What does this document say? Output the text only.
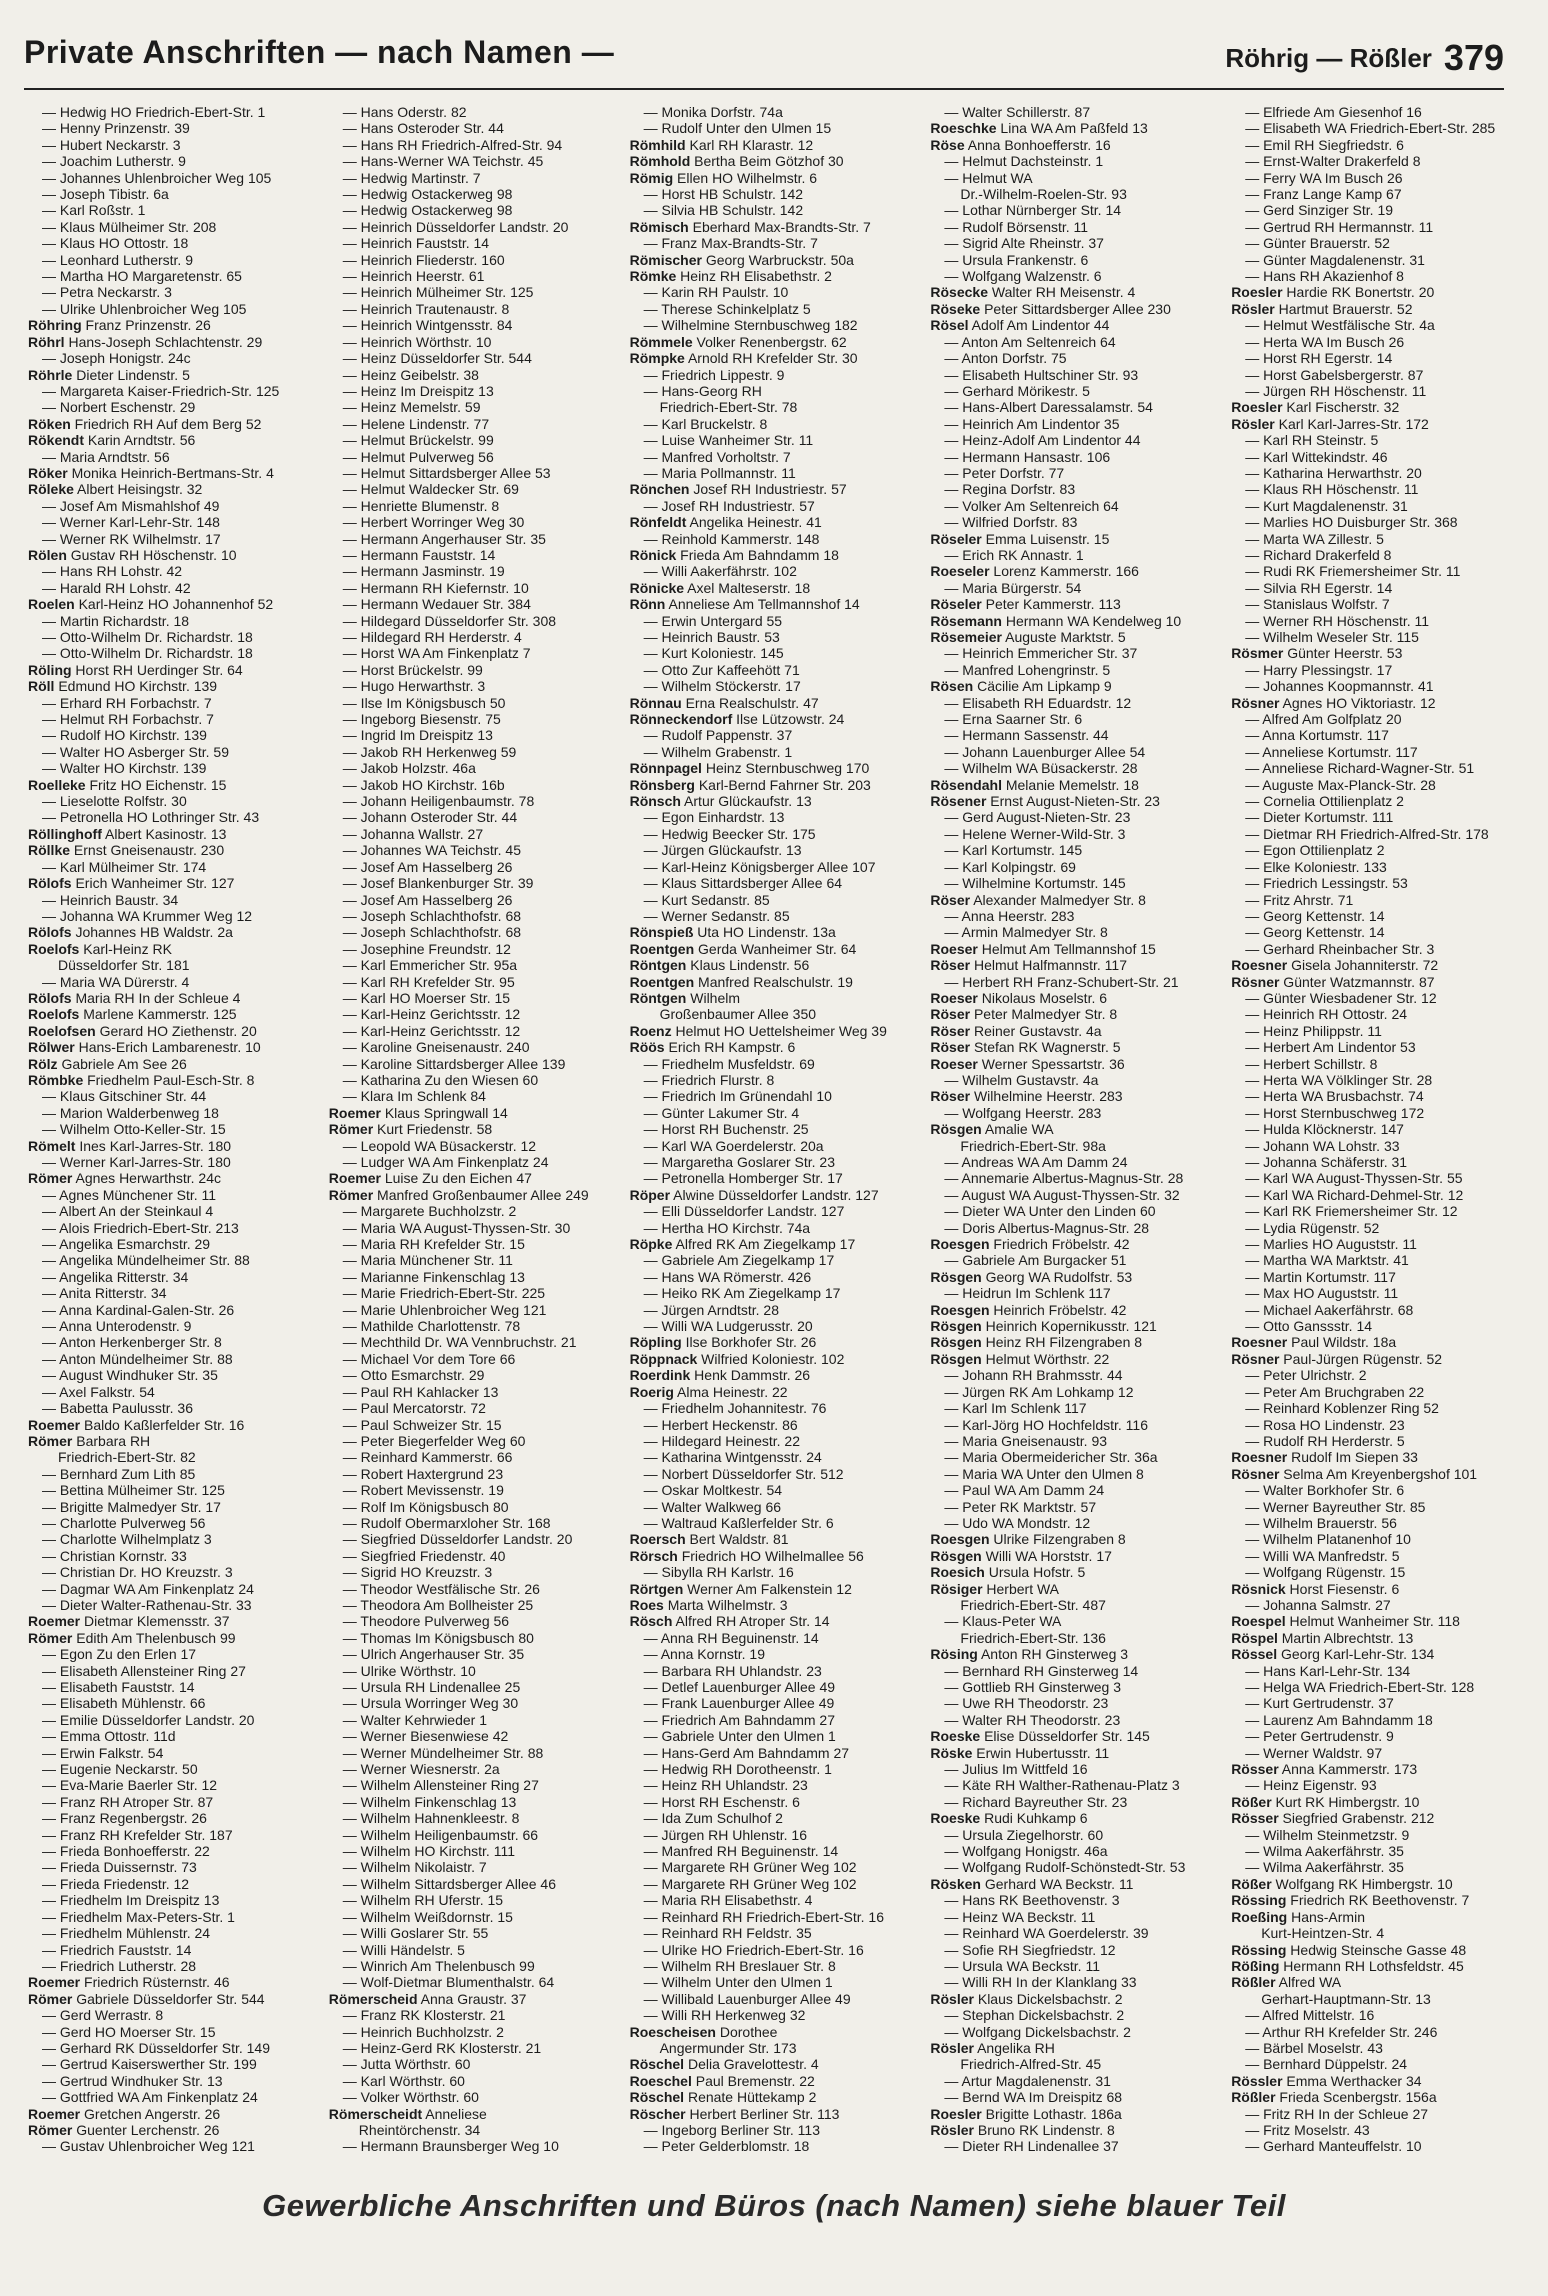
Private Anschriften — nach Namen —	Röhrig — Rößler 379
— Hedwig HO Friedrich-Ebert-Str. 1
— Henny Prinzenstr. 39
— Hubert Neckarstr. 3
— Joachim Lutherstr. 9
— Johannes Uhlenbroicher Weg 105
— Joseph Tibistr. 6a
— Karl Roßstr. 1
— Klaus Mülheimer Str. 208
— Klaus HO Ottostr. 18
— Leonhard Lutherstr. 9
— Martha HO Margaretenstr. 65
— Petra Neckarstr. 3
— Ulrike Uhlenbroicher Weg 105
Röhring Franz Prinzenstr. 26
Röhrl Hans-Joseph Schlachtenstr. 29
— Joseph Honigstr. 24c
Röhrle Dieter Lindenstr. 5
— Margareta Kaiser-Friedrich-Str. 125
— Norbert Eschenstr. 29
Röken Friedrich RH Auf dem Berg 52
Rökendt Karin Arndtstr. 56
— Maria Arndtstr. 56
Röker Monika Heinrich-Bertmans-Str. 4
Röleke Albert Heisingstr. 32
— Josef Am Mismahlshof 49
— Werner Karl-Lehr-Str. 148
— Werner RK Wilhelmstr. 17
Rölen Gustav RH Höschenstr. 10
— Hans RH Lohstr. 42
— Harald RH Lohstr. 42
Roelen Karl-Heinz HO Johannenhof 52
— Martin Richardstr. 18
— Otto-Wilhelm Dr. Richardstr. 18
— Otto-Wilhelm Dr. Richardstr. 18
Röling Horst RH Uerdinger Str. 64
Röll Edmund HO Kirchstr. 139
— Erhard RH Forbachstr. 7
— Helmut RH Forbachstr. 7
— Rudolf HO Kirchstr. 139
— Walter HO Asberger Str. 59
— Walter HO Kirchstr. 139
Roelleke Fritz HO Eichenstr. 15
— Lieselotte Rolfstr. 30
— Petronella HO Lothringer Str. 43
Röllinghoff Albert Kasinostr. 13
Röllke Ernst Gneisenaustr. 230
— Karl Mülheimer Str. 174
Rölofs Erich Wanheimer Str. 127
— Heinrich Baustr. 34
— Johanna WA Krummer Weg 12
Rölofs Johannes HB Waldstr. 2a
Roelofs Karl-Heinz RK
Düsseldorfer Str. 181
— Maria WA Dürerstr. 4
Rölofs Maria RH In der Schleue 4
Roelofs Marlene Kammerstr. 125
Roelofsen Gerard HO Ziethenstr. 20
Rölwer Hans-Erich Lambarenestr. 10
Rölz Gabriele Am See 26
Römbke Friedhelm Paul-Esch-Str. 8
— Klaus Gitschiner Str. 44
— Marion Walderbenweg 18
— Wilhelm Otto-Keller-Str. 15
Römelt Ines Karl-Jarres-Str. 180
— Werner Karl-Jarres-Str. 180
Römer Agnes Herwarthstr. 24c
— Agnes Münchener Str. 11
— Albert An der Steinkaul 4
— Alois Friedrich-Ebert-Str. 213
— Angelika Esmarchstr. 29
— Angelika Mündelheimer Str. 88
— Angelika Ritterstr. 34
— Anita Ritterstr. 34
— Anna Kardinal-Galen-Str. 26
— Anna Unterodenstr. 9
— Anton Herkenberger Str. 8
— Anton Mündelheimer Str. 88
— August Windhuker Str. 35
— Axel Falkstr. 54
— Babetta Paulusstr. 36
Roemer Baldo Kaßlerfelder Str. 16
Römer Barbara RH
Friedrich-Ebert-Str. 82
— Bernhard Zum Lith 85
— Bettina Mülheimer Str. 125
— Brigitte Malmedyer Str. 17
— Charlotte Pulverweg 56
— Charlotte Wilhelmplatz 3
— Christian Kornstr. 33
— Christian Dr. HO Kreuzstr. 3
— Dagmar WA Am Finkenplatz 24
— Dieter Walter-Rathenau-Str. 33
Roemer Dietmar Klemensstr. 37
Römer Edith Am Thelenbusch 99
— Egon Zu den Erlen 17
— Elisabeth Allensteiner Ring 27
— Elisabeth Fauststr. 14
— Elisabeth Mühlenstr. 66
— Emilie Düsseldorfer Landstr. 20
— Emma Ottostr. 11d
— Erwin Falkstr. 54
— Eugenie Neckarstr. 50
— Eva-Marie Baerler Str. 12
— Franz RH Atroper Str. 87
— Franz Regenbergstr. 26
— Franz RH Krefelder Str. 187
— Frieda Bonhoefferstr. 22
— Frieda Duissernstr. 73
— Frieda Friedenstr. 12
— Friedhelm Im Dreispitz 13
— Friedhelm Max-Peters-Str. 1
— Friedhelm Mühlenstr. 24
— Friedrich Fauststr. 14
— Friedrich Lutherstr. 28
Roemer Friedrich Rüsternstr. 46
Römer Gabriele Düsseldorfer Str. 544
— Gerd Werrastr. 8
— Gerd HO Moerser Str. 15
— Gerhard RK Düsseldorfer Str. 149
— Gertrud Kaiserswerther Str. 199
— Gertrud Windhuker Str. 13
— Gottfried WA Am Finkenplatz 24
Roemer Gretchen Angerstr. 26
Römer Guenter Lerchenstr. 26
— Gustav Uhlenbroicher Weg 121
— Hans Oderstr. 82
— Hans Osteroder Str. 44
— Hans RH Friedrich-Alfred-Str. 94
— Hans-Werner WA Teichstr. 45
— Hedwig Martinstr. 7
— Hedwig Ostackerweg 98
— Hedwig Ostackerweg 98
— Heinrich Düsseldorfer Landstr. 20
— Heinrich Fauststr. 14
— Heinrich Fliederstr. 160
— Heinrich Heerstr. 61
— Heinrich Mülheimer Str. 125
— Heinrich Trautenaustr. 8
— Heinrich Wintgensstr. 84
— Heinrich Wörthstr. 10
— Heinz Düsseldorfer Str. 544
— Heinz Geibelstr. 38
— Heinz Im Dreispitz 13
— Heinz Memelstr. 59
— Helene Lindenstr. 77
— Helmut Brückelstr. 99
— Helmut Pulverweg 56
— Helmut Sittardsberger Allee 53
— Helmut Waldecker Str. 69
— Henriette Blumenstr. 8
— Herbert Worringer Weg 30
— Hermann Angerhauser Str. 35
— Hermann Fauststr. 14
— Hermann Jasminstr. 19
— Hermann RH Kiefernstr. 10
— Hermann Wedauer Str. 384
— Hildegard Düsseldorfer Str. 308
— Hildegard RH Herderstr. 4
— Horst WA Am Finkenplatz 7
— Horst Brückelstr. 99
— Hugo Herwarthstr. 3
— Ilse Im Königsbusch 50
— Ingeborg Biesenstr. 75
— Ingrid Im Dreispitz 13
— Jakob RH Herkenweg 59
— Jakob Holzstr. 46a
— Jakob HO Kirchstr. 16b
— Johann Heiligenbaumstr. 78
— Johann Osteroder Str. 44
— Johanna Wallstr. 27
— Johannes WA Teichstr. 45
— Josef Am Hasselberg 26
— Josef Blankenburger Str. 39
— Josef Am Hasselberg 26
— Joseph Schlachthofstr. 68
— Joseph Schlachthofstr. 68
— Josephine Freundstr. 12
— Karl Emmericher Str. 95a
— Karl RH Krefelder Str. 95
— Karl HO Moerser Str. 15
— Karl-Heinz Gerichtsstr. 12
— Karl-Heinz Gerichtsstr. 12
— Karoline Gneisenaustr. 240
— Karoline Sittardsberger Allee 139
— Katharina Zu den Wiesen 60
— Klara Im Schlenk 84
Roemer Klaus Springwall 14
Römer Kurt Friedenstr. 58
— Leopold WA Büsackerstr. 12
— Ludger WA Am Finkenplatz 24
Roemer Luise Zu den Eichen 47
Römer Manfred Großenbaumer Allee 249
— Margarete Buchholzstr. 2
— Maria WA August-Thyssen-Str. 30
— Maria RH Krefelder Str. 15
— Maria Münchener Str. 11
— Marianne Finkenschlag 13
— Marie Friedrich-Ebert-Str. 225
— Marie Uhlenbroicher Weg 121
— Mathilde Charlottenstr. 78
— Mechthild Dr. WA Vennbruchstr. 21
— Michael Vor dem Tore 66
— Otto Esmarchstr. 29
— Paul RH Kahlacker 13
— Paul Mercatorstr. 72
— Paul Schweizer Str. 15
— Peter Biegerfelder Weg 60
— Reinhard Kammerstr. 66
— Robert Haxtergrund 23
— Robert Mevissenstr. 19
— Rolf Im Königsbusch 80
— Rudolf Obermarxloher Str. 168
— Siegfried Düsseldorfer Landstr. 20
— Siegfried Friedenstr. 40
— Sigrid HO Kreuzstr. 3
— Theodor Westfälische Str. 26
— Theodora Am Bollheister 25
— Theodore Pulverweg 56
— Thomas Im Königsbusch 80
— Ulrich Angerhauser Str. 35
— Ulrike Wörthstr. 10
— Ursula RH Lindenallee 25
— Ursula Worringer Weg 30
— Walter Kehrwieder 1
— Werner Biesenwiese 42
— Werner Mündelheimer Str. 88
— Werner Wiesnerstr. 2a
— Wilhelm Allensteiner Ring 27
— Wilhelm Finkenschlag 13
— Wilhelm Hahnenkleestr. 8
— Wilhelm Heiligenbaumstr. 66
— Wilhelm HO Kirchstr. 111
— Wilhelm Nikolaistr. 7
— Wilhelm Sittardsberger Allee 46
— Wilhelm RH Uferstr. 15
— Wilhelm Weißdornstr. 15
— Willi Goslarer Str. 55
— Willi Händelstr. 5
— Winrich Am Thelenbusch 99
— Wolf-Dietmar Blumenthalstr. 64
Römerscheid Anna Graustr. 37
— Franz RK Klosterstr. 21
— Heinrich Buchholzstr. 2
— Heinz-Gerd RK Klosterstr. 21
— Jutta Wörthstr. 60
— Karl Wörthstr. 60
— Volker Wörthstr. 60
Römerscheidt Anneliese
Rheintörchenstr. 34
— Hermann Braunsberger Weg 10
— Monika Dorfstr. 74a
— Rudolf Unter den Ulmen 15
Römhild Karl RH Klarastr. 12
Römhold Bertha Beim Götzhof 30
Römig Ellen HO Wilhelmstr. 6
— Horst HB Schulstr. 142
— Silvia HB Schulstr. 142
Römisch Eberhard Max-Brandts-Str. 7
— Franz Max-Brandts-Str. 7
Römischer Georg Warbruckstr. 50a
Römke Heinz RH Elisabethstr. 2
— Karin RH Paulstr. 10
— Therese Schinkelplatz 5
— Wilhelmine Sternbuschweg 182
Römmele Volker Renenbergstr. 62
Römpke Arnold RH Krefelder Str. 30
— Friedrich Lippestr. 9
— Hans-Georg RH
Friedrich-Ebert-Str. 78
— Karl Bruckelstr. 8
— Luise Wanheimer Str. 11
— Manfred Vorholtstr. 7
— Maria Pollmannstr. 11
Rönchen Josef RH Industriestr. 57
— Josef RH Industriestr. 57
Rönfeldt Angelika Heinestr. 41
— Reinhold Kammerstr. 148
Rönick Frieda Am Bahndamm 18
— Willi Aakerfährstr. 102
Rönicke Axel Malteserstr. 18
Rönn Anneliese Am Tellmannshof 14
— Erwin Untergard 55
— Heinrich Baustr. 53
— Kurt Koloniestr. 145
— Otto Zur Kaffeehött 71
— Wilhelm Stöckerstr. 17
Rönnau Erna Realschulstr. 47
Rönneckendorf Ilse Lützowstr. 24
— Rudolf Pappenstr. 37
— Wilhelm Grabenstr. 1
Rönnpagel Heinz Sternbuschweg 170
Rönsberg Karl-Bernd Fahrner Str. 203
Rönsch Artur Glückaufstr. 13
— Egon Einhardstr. 13
— Hedwig Beecker Str. 175
— Jürgen Glückaufstr. 13
— Karl-Heinz Königsberger Allee 107
— Klaus Sittardsberger Allee 64
— Kurt Sedanstr. 85
— Werner Sedanstr. 85
Rönspieß Uta HO Lindenstr. 13a
Roentgen Gerda Wanheimer Str. 64
Röntgen Klaus Lindenstr. 56
Roentgen Manfred Realschulstr. 19
Röntgen Wilhelm
Großenbaumer Allee 350
Roenz Helmut HO Uettelsheimer Weg 39
Röös Erich RH Kampstr. 6
— Friedhelm Musfeldstr. 69
— Friedrich Flurstr. 8
— Friedrich Im Grünendahl 10
— Günter Lakumer Str. 4
— Horst RH Buchenstr. 25
— Karl WA Goerdelerstr. 20a
— Margaretha Goslarer Str. 23
— Petronella Homberger Str. 17
Röper Alwine Düsseldorfer Landstr. 127
— Elli Düsseldorfer Landstr. 127
— Hertha HO Kirchstr. 74a
Röpke Alfred RK Am Ziegelkamp 17
— Gabriele Am Ziegelkamp 17
— Hans WA Römerstr. 426
— Heiko RK Am Ziegelkamp 17
— Jürgen Arndtstr. 28
— Willi WA Ludgerusstr. 20
Röpling Ilse Borkhofer Str. 26
Röppnack Wilfried Koloniestr. 102
Roerdink Henk Dammstr. 26
Roerig Alma Heinestr. 22
— Friedhelm Johannitestr. 76
— Herbert Heckenstr. 86
— Hildegard Heinestr. 22
— Katharina Wintgensstr. 24
— Norbert Düsseldorfer Str. 512
— Oskar Moltkestr. 54
— Walter Walkweg 66
— Waltraud Kaßlerfelder Str. 6
Roersch Bert Waldstr. 81
Rörsch Friedrich HO Wilhelmallee 56
— Sibylla RH Karlstr. 16
Rörtgen Werner Am Falkenstein 12
Roes Marta Wilhelmstr. 3
Rösch Alfred RH Atroper Str. 14
— Anna RH Beguinenstr. 14
— Anna Kornstr. 19
— Barbara RH Uhlandstr. 23
— Detlef Lauenburger Allee 49
— Frank Lauenburger Allee 49
— Friedrich Am Bahndamm 27
— Gabriele Unter den Ulmen 1
— Hans-Gerd Am Bahndamm 27
— Hedwig RH Dorotheenstr. 1
— Heinz RH Uhlandstr. 23
— Horst RH Eschenstr. 6
— Ida Zum Schulhof 2
— Jürgen RH Uhlenstr. 16
— Manfred RH Beguinenstr. 14
— Margarete RH Grüner Weg 102
— Margarete RH Grüner Weg 102
— Maria RH Elisabethstr. 4
— Reinhard RH Friedrich-Ebert-Str. 16
— Reinhard RH Feldstr. 35
— Ulrike HO Friedrich-Ebert-Str. 16
— Wilhelm RH Breslauer Str. 8
— Wilhelm Unter den Ulmen 1
— Willibald Lauenburger Allee 49
— Willi RH Herkenweg 32
Roescheisen Dorothee
Angermunder Str. 173
Röschel Delia Gravelottestr. 4
Roeschel Paul Bremenstr. 22
Röschel Renate Hüttekamp 2
Röscher Herbert Berliner Str. 113
— Ingeborg Berliner Str. 113
— Peter Gelderblomstr. 18
— Walter Schillerstr. 87
Roeschke Lina WA Am Paßfeld 13
Röse Anna Bonhoefferstr. 16
— Helmut Dachsteinstr. 1
— Helmut WA
Dr.-Wilhelm-Roelen-Str. 93
— Lothar Nürnberger Str. 14
— Rudolf Börsenstr. 11
— Sigrid Alte Rheinstr. 37
— Ursula Frankenstr. 6
— Wolfgang Walzenstr. 6
Rösecke Walter RH Meisenstr. 4
Röseke Peter Sittardsberger Allee 230
Rösel Adolf Am Lindentor 44
— Anton Am Seltenreich 64
— Anton Dorfstr. 75
— Elisabeth Hultschiner Str. 93
— Gerhard Mörikestr. 5
— Hans-Albert Daressalamstr. 54
— Heinrich Am Lindentor 35
— Heinz-Adolf Am Lindentor 44
— Hermann Hansastr. 106
— Peter Dorfstr. 77
— Regina Dorfstr. 83
— Volker Am Seltenreich 64
— Wilfried Dorfstr. 83
Röseler Emma Luisenstr. 15
— Erich RK Annastr. 1
Roeseler Lorenz Kammerstr. 166
— Maria Bürgerstr. 54
Röseler Peter Kammerstr. 113
Rösemann Hermann WA Kendelweg 10
Rösemeier Auguste Marktstr. 5
— Heinrich Emmericher Str. 37
— Manfred Lohengrinstr. 5
Rösen Cäcilie Am Lipkamp 9
— Elisabeth RH Eduardstr. 12
— Erna Saarner Str. 6
— Hermann Sassenstr. 44
— Johann Lauenburger Allee 54
— Wilhelm WA Büsackerstr. 28
Rösendahl Melanie Memelstr. 18
Rösener Ernst August-Nieten-Str. 23
— Gerd August-Nieten-Str. 23
— Helene Werner-Wild-Str. 3
— Karl Kortumstr. 145
— Karl Kolpingstr. 69
— Wilhelmine Kortumstr. 145
Röser Alexander Malmedyer Str. 8
— Anna Heerstr. 283
— Armin Malmedyer Str. 8
Roeser Helmut Am Tellmannshof 15
Röser Helmut Halfmannstr. 117
— Herbert RH Franz-Schubert-Str. 21
Roeser Nikolaus Moselstr. 6
Röser Peter Malmedyer Str. 8
Röser Reiner Gustavstr. 4a
Röser Stefan RK Wagnerstr. 5
Roeser Werner Spessartstr. 36
— Wilhelm Gustavstr. 4a
Röser Wilhelmine Heerstr. 283
— Wolfgang Heerstr. 283
Rösgen Amalie WA
Friedrich-Ebert-Str. 98a
— Andreas WA Am Damm 24
— Annemarie Albertus-Magnus-Str. 28
— August WA August-Thyssen-Str. 32
— Dieter WA Unter den Linden 60
— Doris Albertus-Magnus-Str. 28
Roesgen Friedrich Fröbelstr. 42
— Gabriele Am Burgacker 51
Rösgen Georg WA Rudolfstr. 53
— Heidrun Im Schlenk 117
Roesgen Heinrich Fröbelstr. 42
Rösgen Heinrich Kopernikusstr. 121
Rösgen Heinz RH Filzengraben 8
Rösgen Helmut Wörthstr. 22
— Johann RH Brahmsstr. 44
— Jürgen RK Am Lohkamp 12
— Karl Im Schlenk 117
— Karl-Jörg HO Hochfeldstr. 116
— Maria Gneisenaustr. 93
— Maria Obermeidericher Str. 36a
— Maria WA Unter den Ulmen 8
— Paul WA Am Damm 24
— Peter RK Marktstr. 57
— Udo WA Mondstr. 12
Roesgen Ulrike Filzengraben 8
Rösgen Willi WA Horststr. 17
Roesich Ursula Hofstr. 5
Rösiger Herbert WA
Friedrich-Ebert-Str. 487
— Klaus-Peter WA
Friedrich-Ebert-Str. 136
Rösing Anton RH Ginsterweg 3
— Bernhard RH Ginsterweg 14
— Gottlieb RH Ginsterweg 3
— Uwe RH Theodorstr. 23
— Walter RH Theodorstr. 23
Roeske Elise Düsseldorfer Str. 145
Röske Erwin Hubertusstr. 11
— Julius Im Wittfeld 16
— Käte RH Walther-Rathenau-Platz 3
— Richard Bayreuther Str. 23
Roeske Rudi Kuhkamp 6
— Ursula Ziegelhorstr. 60
— Wolfgang Honigstr. 46a
— Wolfgang Rudolf-Schönstedt-Str. 53
Rösken Gerhard WA Beckstr. 11
— Hans RK Beethovenstr. 3
— Heinz WA Beckstr. 11
— Reinhard WA Goerdelerstr. 39
— Sofie RH Siegfriedstr. 12
— Ursula WA Beckstr. 11
— Willi RH In der Klanklang 33
Rösler Klaus Dickelsbachstr. 2
— Stephan Dickelsbachstr. 2
— Wolfgang Dickelsbachstr. 2
Rösler Angelika RH
Friedrich-Alfred-Str. 45
— Artur Magdalenenstr. 31
— Bernd WA Im Dreispitz 68
Roesler Brigitte Lothastr. 186a
Rösler Bruno RK Lindenstr. 8
— Dieter RH Lindenallee 37
— Elfriede Am Giesenhof 16
— Elisabeth WA Friedrich-Ebert-Str. 285
— Emil RH Siegfriedstr. 6
— Ernst-Walter Drakerfeld 8
— Ferry WA Im Busch 26
— Franz Lange Kamp 67
— Gerd Sinziger Str. 19
— Gertrud RH Hermannstr. 11
— Günter Brauerstr. 52
— Günter Magdalenenstr. 31
— Hans RH Akazienhof 8
Roesler Hardie RK Bonertstr. 20
Rösler Hartmut Brauerstr. 52
— Helmut Westfälische Str. 4a
— Herta WA Im Busch 26
— Horst RH Egerstr. 14
— Horst Gabelsbergerstr. 87
— Jürgen RH Höschenstr. 11
Roesler Karl Fischerstr. 32
Rösler Karl Karl-Jarres-Str. 172
— Karl RH Steinstr. 5
— Karl Wittekindstr. 46
— Katharina Herwarthstr. 20
— Klaus RH Höschenstr. 11
— Kurt Magdalenenstr. 31
— Marlies HO Duisburger Str. 368
— Marta WA Zillestr. 5
— Richard Drakerfeld 8
— Rudi RK Friemersheimer Str. 11
— Silvia RH Egerstr. 14
— Stanislaus Wolfstr. 7
— Werner RH Höschenstr. 11
— Wilhelm Weseler Str. 115
Rösmer Günter Heerstr. 53
— Harry Plessingstr. 17
— Johannes Koopmannstr. 41
Rösner Agnes HO Viktoriastr. 12
— Alfred Am Golfplatz 20
— Anna Kortumstr. 117
— Anneliese Kortumstr. 117
— Anneliese Richard-Wagner-Str. 51
— Auguste Max-Planck-Str. 28
— Cornelia Ottilienplatz 2
— Dieter Kortumstr. 111
— Dietmar RH Friedrich-Alfred-Str. 178
— Egon Ottilienplatz 2
— Elke Koloniestr. 133
— Friedrich Lessingstr. 53
— Fritz Ahrstr. 71
— Georg Kettenstr. 14
— Georg Kettenstr. 14
— Gerhard Rheinbacher Str. 3
Roesner Gisela Johanniterstr. 72
Rösner Günter Watzmannstr. 87
— Günter Wiesbadener Str. 12
— Heinrich RH Ottostr. 24
— Heinz Philippstr. 11
— Herbert Am Lindentor 53
— Herbert Schillstr. 8
— Herta WA Völklinger Str. 28
— Herta WA Brusbachstr. 74
— Horst Sternbuschweg 172
— Hulda Klöcknerstr. 147
— Johann WA Lohstr. 33
— Johanna Schäferstr. 31
— Karl WA August-Thyssen-Str. 55
— Karl WA Richard-Dehmel-Str. 12
— Karl RK Friemersheimer Str. 12
— Lydia Rügenstr. 52
— Marlies HO Auguststr. 11
— Martha WA Marktstr. 41
— Martin Kortumstr. 117
— Max HO Auguststr. 11
— Michael Aakerfährstr. 68
— Otto Ganssstr. 14
Roesner Paul Wildstr. 18a
Rösner Paul-Jürgen Rügenstr. 52
— Peter Ulrichstr. 2
— Peter Am Bruchgraben 22
— Reinhard Koblenzer Ring 52
— Rosa HO Lindenstr. 23
— Rudolf RH Herderstr. 5
Roesner Rudolf Im Siepen 33
Rösner Selma Am Kreyenbergshof 101
— Walter Borkhofer Str. 6
— Werner Bayreuther Str. 85
— Wilhelm Brauerstr. 56
— Wilhelm Platanenhof 10
— Willi WA Manfredstr. 5
— Wolfgang Rügenstr. 15
Rösnick Horst Fiesenstr. 6
— Johanna Salmstr. 27
Roespel Helmut Wanheimer Str. 118
Röspel Martin Albrechtstr. 13
Rössel Georg Karl-Lehr-Str. 134
— Hans Karl-Lehr-Str. 134
— Helga WA Friedrich-Ebert-Str. 128
— Kurt Gertrudenstr. 37
— Laurenz Am Bahndamm 18
— Peter Gertrudenstr. 9
— Werner Waldstr. 97
Rösser Anna Kammerstr. 173
— Heinz Eigenstr. 93
Rößer Kurt RK Himbergstr. 10
Rösser Siegfried Grabenstr. 212
— Wilhelm Steinmetzstr. 9
— Wilma Aakerfährstr. 35
— Wilma Aakerfährstr. 35
Rößer Wolfgang RK Himbergstr. 10
Rössing Friedrich RK Beethovenstr. 7
Roeßing Hans-Armin
Kurt-Heintzen-Str. 4
Rössing Hedwig Steinsche Gasse 48
Rößing Hermann RH Lothsfeldstr. 45
Rößler Alfred WA
Gerhart-Hauptmann-Str. 13
— Alfred Mittelstr. 16
— Arthur RH Krefelder Str. 246
— Bärbel Moselstr. 43
— Bernhard Düppelstr. 24
Rössler Emma Werthacker 34
Rößler Frieda Scenbergstr. 156a
— Fritz RH In der Schleue 27
— Fritz Moselstr. 43
— Gerhard Manteuffelstr. 10
Gewerbliche Anschriften und Büros (nach Namen) siehe blauer Teil
